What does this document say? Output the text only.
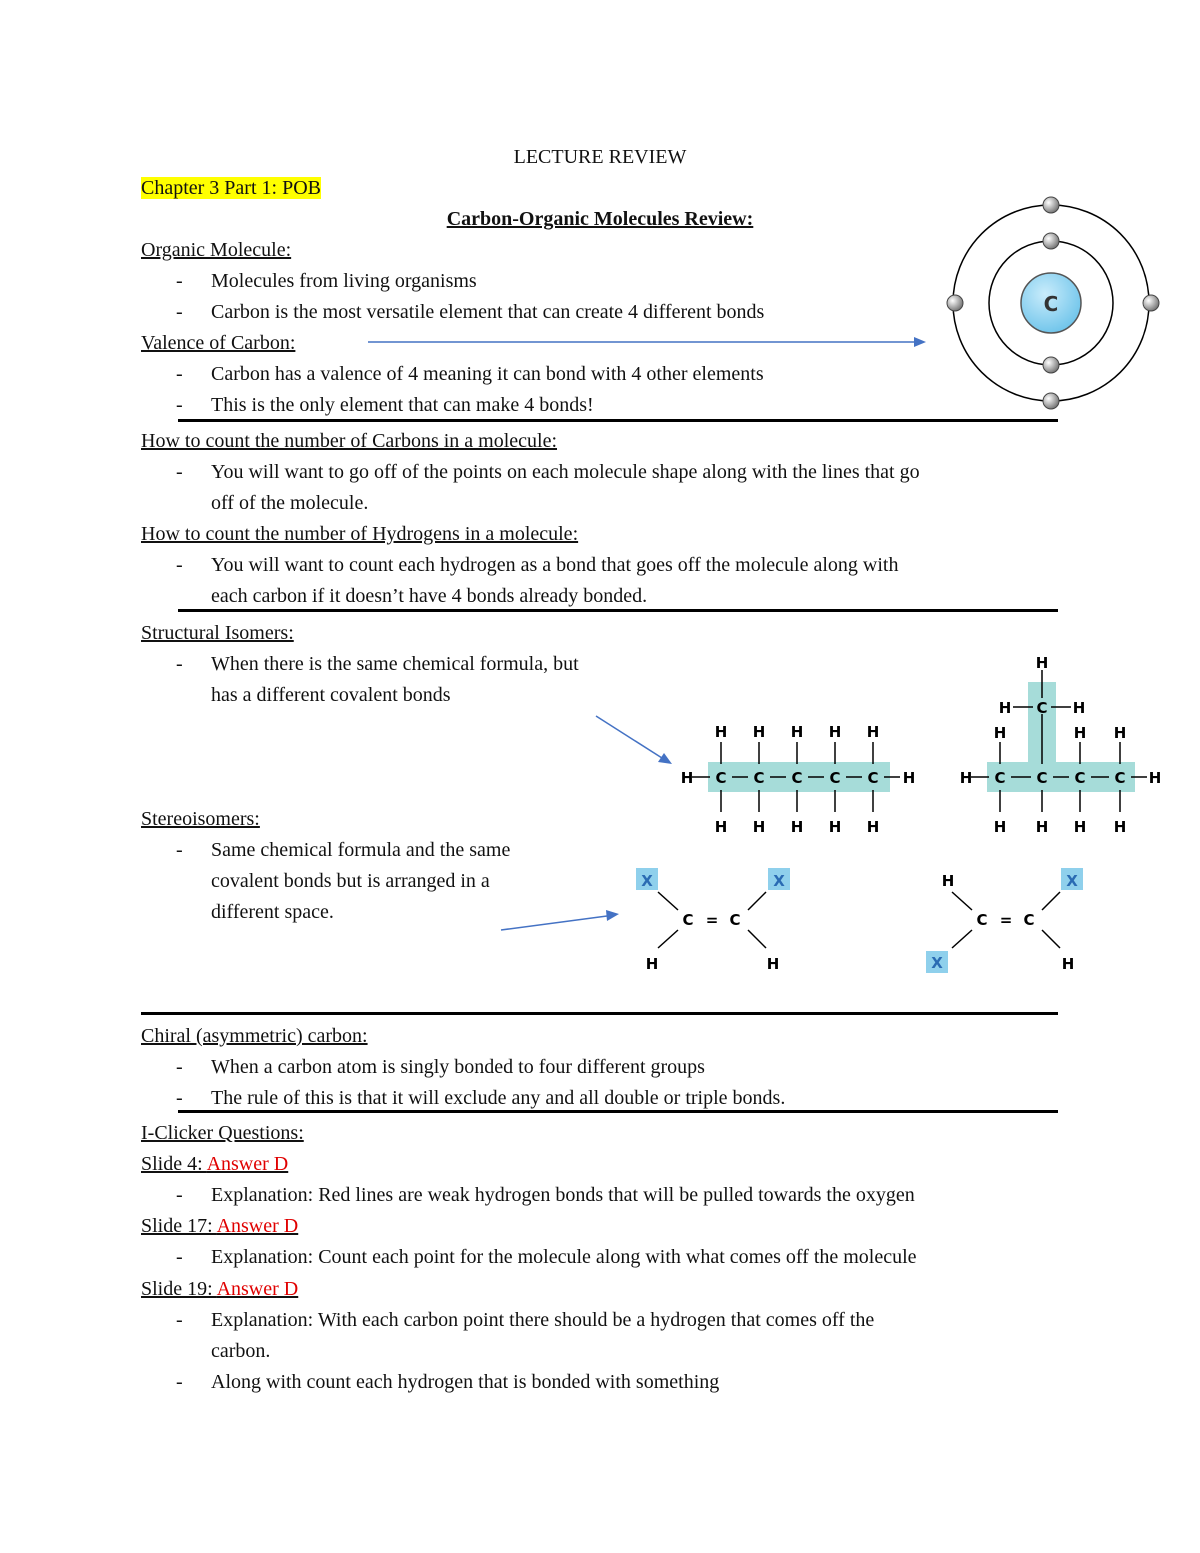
LECTURE REVIEW
Chapter 3 Part 1: POB
Carbon-Organic Molecules Review:
Organic Molecule:
- Molecules from living organisms
- Carbon is the most versatile element that can create 4 different bonds
Valence of Carbon:
- Carbon has a valence of 4 meaning it can bond with 4 other elements
- This is the only element that can make 4 bonds!
C
How to count the number of Carbons in a molecule:
- You will want to go off of the points on each molecule shape along with the lines that go
off of the molecule.
How to count the number of Hydrogens in a molecule:
- You will want to count each hydrogen as a bond that goes off the molecule along with
each carbon if it doesn’t have 4 bonds already bonded.
Structural Isomers:
- When there is the same chemical formula, but
has a different covalent bonds
H C C C C C H
H H H H H
H H H H H
H
H C H
H	H H
H C C C C H
H H H H
Stereoisomers:
- Same chemical formula and the same
covalent bonds but is arranged in a
different space.
X	X
C = C
H	H
H	X
C = C
X	H
Chiral (asymmetric) carbon:
- When a carbon atom is singly bonded to four different groups
- The rule of this is that it will exclude any and all double or triple bonds.
I-Clicker Questions:
Slide 4: Answer D
- Explanation: Red lines are weak hydrogen bonds that will be pulled towards the oxygen
Slide 17: Answer D
- Explanation: Count each point for the molecule along with what comes off the molecule
Slide 19: Answer D
- Explanation: With each carbon point there should be a hydrogen that comes off the
carbon.
- Along with count each hydrogen that is bonded with something
